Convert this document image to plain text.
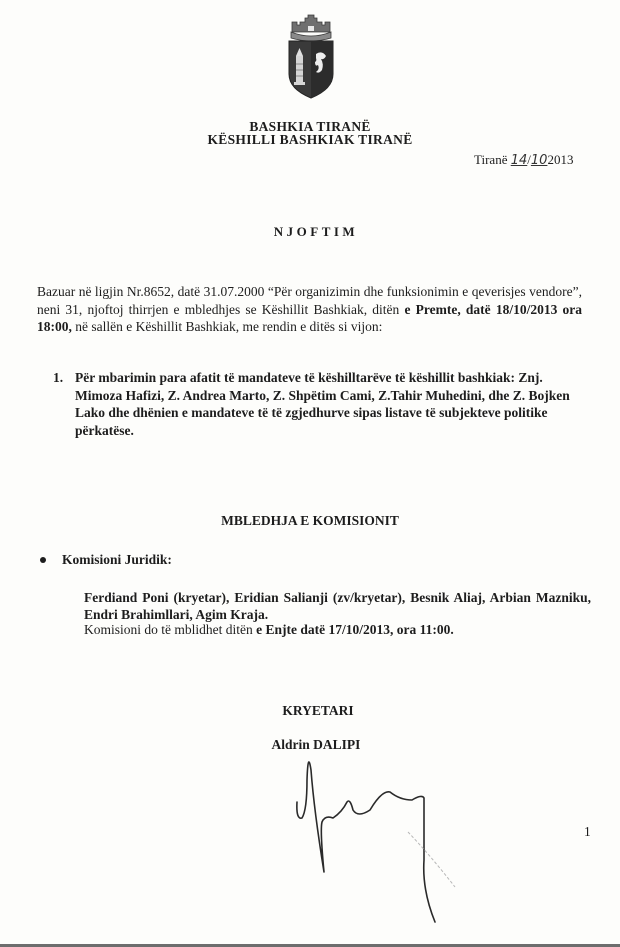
BASHKIA TIRANË
KËSHILLI BASHKIAK TIRANË
Tiranë 14/102013
NJOFTIM
Bazuar në ligjin Nr.8652, datë 31.07.2000 “Për organizimin dhe funksionimin e qeverisjes vendore”, neni 31, njoftoj thirrjen e mbledhjes se Këshillit Bashkiak, ditën e Premte, datë 18/10/2013 ora 18:00, në sallën e Këshillit Bashkiak, me rendin e ditës si vijon:
1. Për mbarimin para afatit të mandateve të këshilltarëve të këshillit bashkiak: Znj. Mimoza Hafizi, Z. Andrea Marto, Z. Shpëtim Cami, Z.Tahir Muhedini, dhe Z. Bojken Lako dhe dhënien e mandateve të të zgjedhurve sipas listave të subjekteve politike përkatëse.
MBLEDHJA E KOMISIONIT
Komisioni Juridik:
Ferdiand Poni (kryetar), Eridian Salianji (zv/kryetar), Besnik Aliaj, Arbian Mazniku, Endri Brahimllari, Agim Kraja.
Komisioni do të mblidhet ditën e Enjte datë 17/10/2013, ora 11:00.
KRYETARI
Aldrin DALIPI
1
